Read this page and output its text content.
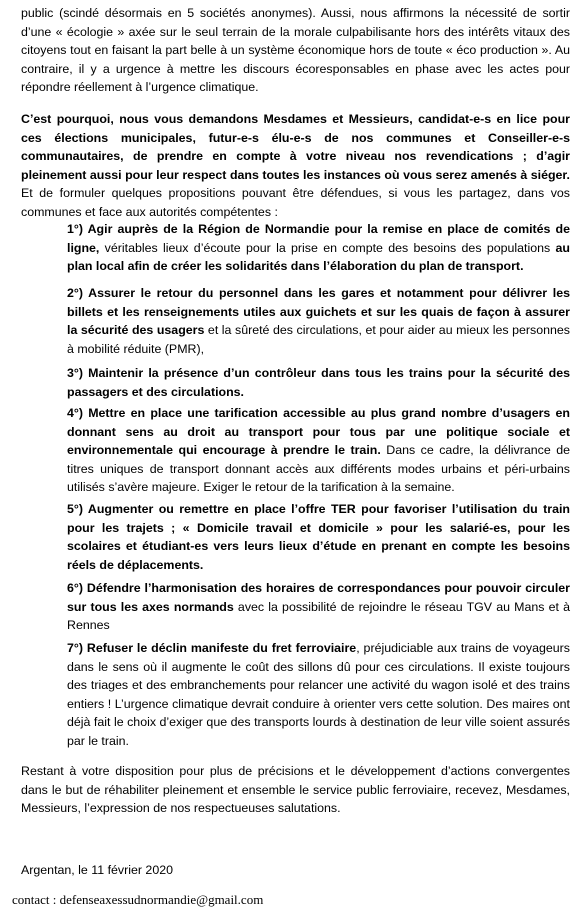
public (scindé désormais en 5 sociétés anonymes). Aussi, nous affirmons la nécessité de sortir d’une « écologie » axée sur le seul terrain de la morale culpabilisante hors des intérêts vitaux des citoyens tout en faisant la part belle à un système économique hors de toute « éco production ». Au contraire, il y a urgence à mettre les discours écoresponsables en phase avec les actes pour répondre réellement à l’urgence climatique.

C’est pourquoi, nous vous demandons Mesdames et Messieurs, candidat-e-s en lice pour ces élections municipales, futur-e-s élu-e-s de nos communes et Conseiller-e-s communautaires, de prendre en compte à votre niveau nos revendications ; d’agir pleinement aussi pour leur respect dans toutes les instances où vous serez amenés à siéger. Et de formuler quelques propositions pouvant être défendues, si vous les partagez, dans vos communes et face aux autorités compétentes :

1°) Agir auprès de la Région de Normandie pour la remise en place de comités de ligne, véritables lieux d’écoute pour la prise en compte des besoins des populations au plan local afin de créer les solidarités dans l’élaboration du plan de transport.

2°) Assurer le retour du personnel dans les gares et notamment pour délivrer les billets et les renseignements utiles aux guichets et sur les quais de façon à assurer la sécurité des usagers et la sûreté des circulations, et pour aider au mieux les personnes à mobilité réduite (PMR),

3°) Maintenir la présence d’un contrôleur dans tous les trains pour la sécurité des passagers et des circulations.

4°) Mettre en place une tarification accessible au plus grand nombre d’usagers en donnant sens au droit au transport pour tous par une politique sociale et environnementale qui encourage à prendre le train. Dans ce cadre, la délivrance de titres uniques de transport donnant accès aux différents modes urbains et péri-urbains utilisés s’avère majeure. Exiger le retour de la tarification à la semaine.

5°) Augmenter ou remettre en place l’offre TER pour favoriser l’utilisation du train pour les trajets ; « Domicile travail et domicile » pour les salarié-es, pour les scolaires et étudiant-es vers leurs lieux d’étude en prenant en compte les besoins réels de déplacements.

6°) Défendre l’harmonisation des horaires de correspondances pour pouvoir circuler sur tous les axes normands avec la possibilité de rejoindre le réseau TGV au Mans et à Rennes

7°) Refuser le déclin manifeste du fret ferroviaire, préjudiciable aux trains de voyageurs dans le sens où il augmente le coût des sillons dû pour ces circulations. Il existe toujours des triages et des embranchements pour relancer une activité du wagon isolé et des trains entiers ! L’urgence climatique devrait conduire à orienter vers cette solution. Des maires ont déjà fait le choix d’exiger que des transports lourds à destination de leur ville soient assurés par le train.

Restant à votre disposition pour plus de précisions et le développement d’actions convergentes dans le but de réhabiliter pleinement et ensemble le service public ferroviaire, recevez, Mesdames, Messieurs, l’expression de nos respectueuses salutations.

Argentan, le 11 février 2020
contact : defenseaxessudnormandie@gmail.com
